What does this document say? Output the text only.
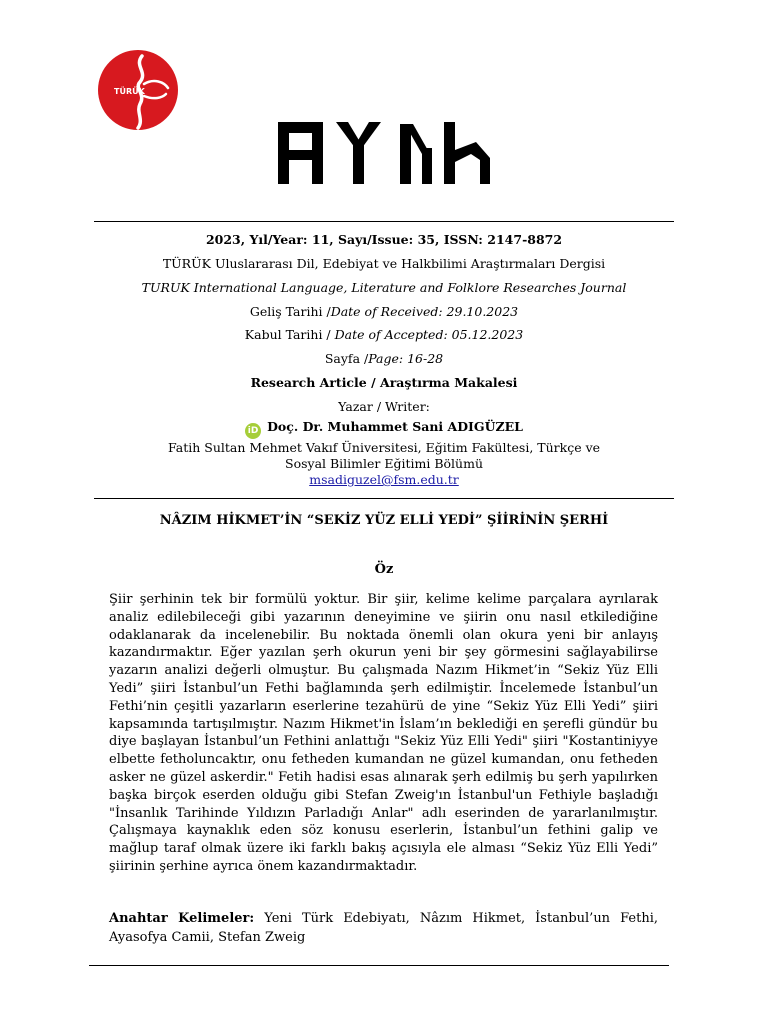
TÜRÜK
2023, Yıl/Year: 11, Sayı/Issue: 35, ISSN: 2147-8872
TÜRÜK Uluslararası Dil, Edebiyat ve Halkbilimi Araştırmaları Dergisi
TURUK International Language, Literature and Folklore Researches Journal
Geliş Tarihi /Date of Received: 29.10.2023
Kabul Tarihi / Date of Accepted: 05.12.2023
Sayfa /Page: 16-28
Research Article / Araştırma Makalesi
Yazar / Writer:
iD Doç. Dr. Muhammet Sani ADIGÜZEL
Fatih Sultan Mehmet Vakıf Üniversitesi, Eğitim Fakültesi, Türkçe ve
Sosyal Bilimler Eğitimi Bölümü
msadiguzel@fsm.edu.tr
NÂZIM HİKMET’İN “SEKİZ YÜZ ELLİ YEDİ” ŞİİRİNİN ŞERHİ
Öz
Şiir şerhinin tek bir formülü yoktur. Bir şiir, kelime kelime parçalara ayrılarak analiz edilebileceği gibi yazarının deneyimine ve şiirin onu nasıl etkilediğine odaklanarak da incelenebilir. Bu noktada önemli olan okura yeni bir anlayış kazandırmaktır. Eğer yazılan şerh okurun yeni bir şey görmesini sağlayabilirse yazarın analizi değerli olmuştur. Bu çalışmada Nazım Hikmet’in “Sekiz Yüz Elli Yedi” şiiri İstanbul’un Fethi bağlamında şerh edilmiştir. İncelemede İstanbul’un Fethi’nin çeşitli yazarların eserlerine tezahürü de yine “Sekiz Yüz Elli Yedi” şiiri kapsamında tartışılmıştır. Nazım Hikmet'in İslam’ın beklediği en şerefli gündür bu diye başlayan İstanbul’un Fethini anlattığı "Sekiz Yüz Elli Yedi" şiiri "Kostantiniyye elbette fetholuncaktır, onu fetheden kumandan ne güzel kumandan, onu fetheden asker ne güzel askerdir." Fetih hadisi esas alınarak şerh edilmiş bu şerh yapılırken başka birçok eserden olduğu gibi Stefan Zweig'ın İstanbul'un Fethiyle başladığı "İnsanlık Tarihinde Yıldızın Parladığı Anlar" adlı eserinden de yararlanılmıştır. Çalışmaya kaynaklık eden söz konusu eserlerin, İstanbul’un fethini galip ve mağlup taraf olmak üzere iki farklı bakış açısıyla ele alması “Sekiz Yüz Elli Yedi” şiirinin şerhine ayrıca önem kazandırmaktadır.
Anahtar Kelimeler: Yeni Türk Edebiyatı, Nâzım Hikmet, İstanbul’un Fethi, Ayasofya Camii, Stefan Zweig
